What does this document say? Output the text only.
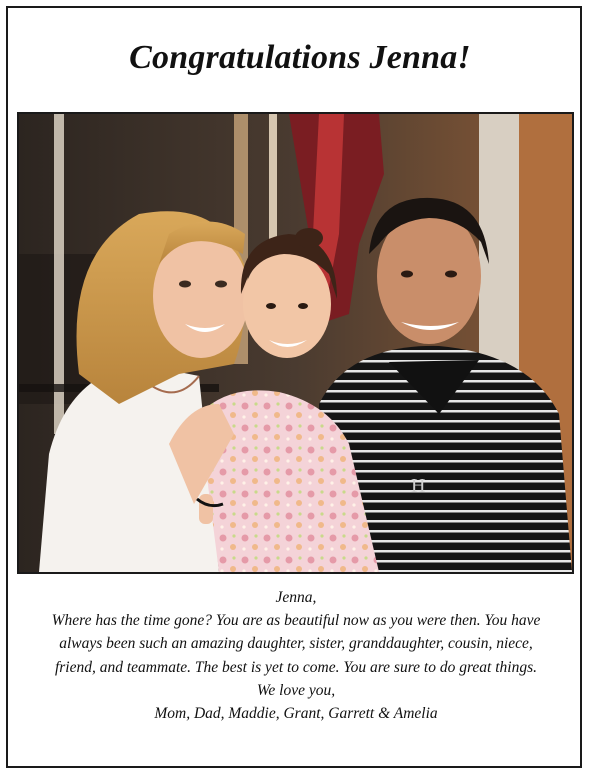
Congratulations Jenna!
H
Jenna,
Where has the time gone? You are as beautiful now as you were then. You have
always been such an amazing daughter, sister, granddaughter, cousin, niece,
friend, and teammate. The best is yet to come. You are sure to do great things.
We love you,
Mom, Dad, Maddie, Grant, Garrett & Amelia
